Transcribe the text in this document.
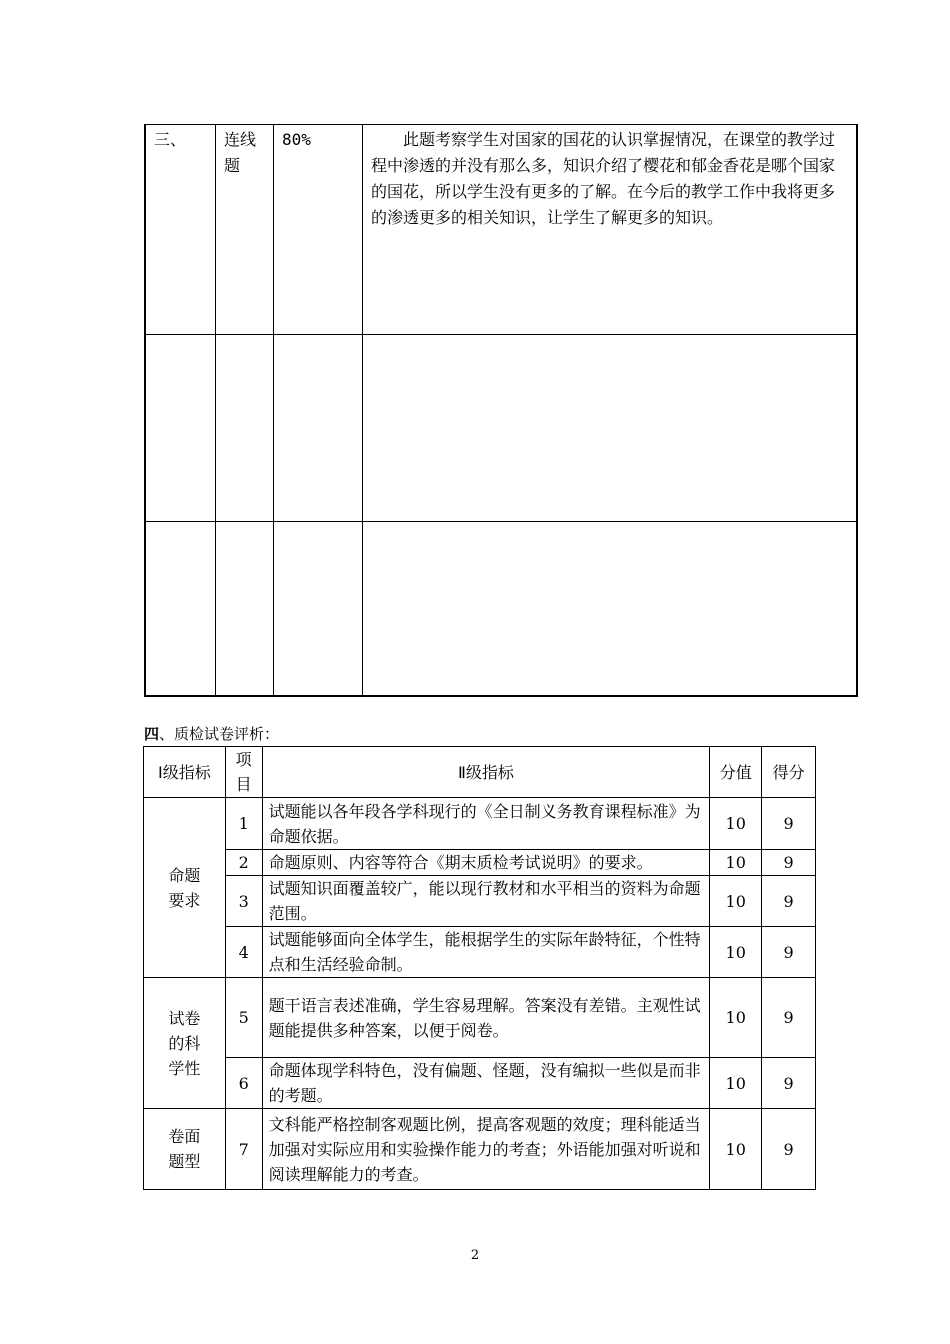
三、	连线题	80%	此题考察学生对国家的国花的认识掌握情况，在课堂的教学过程中渗透的并没有那么多，知识介绍了樱花和郁金香花是哪个国家的国花，所以学生没有更多的了解。在今后的教学工作中我将更多的渗透更多的相关知识，让学生了解更多的知识。

四、质检试卷评析：
Ⅰ级指标	项目	Ⅱ级指标	分值	得分

命题要求	1	试题能以各年段各学科现行的《全日制义务教育课程标准》为命题依据。	10	9
	2	命题原则、内容等符合《期末质检考试说明》的要求。	10	9
	3	试题知识面覆盖较广，能以现行教材和水平相当的资料为命题范围。	10	9
	4	试题能够面向全体学生，能根据学生的实际年龄特征，个性特点和生活经验命制。	10	9

试卷的科学性	5	题干语言表述准确，学生容易理解。答案没有差错。主观性试题能提供多种答案，以便于阅卷。	10	9
	6	命题体现学科特色，没有偏题、怪题，没有编拟一些似是而非的考题。	10	9

卷面题型	7	文科能严格控制客观题比例，提高客观题的效度；理科能适当加强对实际应用和实验操作能力的考查；外语能加强对听说和阅读理解能力的考查。	10	9
2
